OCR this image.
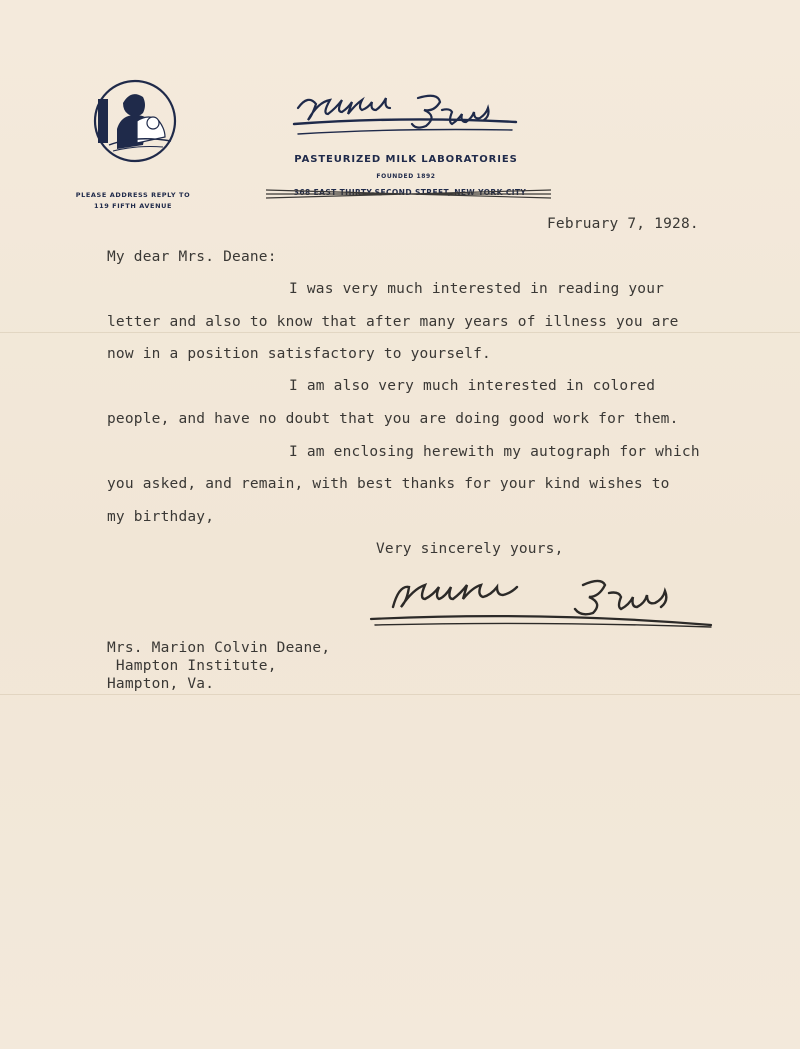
PLEASE ADDRESS REPLY TO
119 FIFTH AVENUE
PASTEURIZED MILK LABORATORIES
FOUNDED 1892
368 EAST THIRTY-SECOND STREET, NEW YORK CITY
February 7, 1928.
My dear Mrs. Deane:
I was very much interested in reading your
letter and also to know that after many years of illness you are
now in a position satisfactory to yourself.
I am also very much interested in colored
people, and have no doubt that you are doing good work for them.
I am enclosing herewith my autograph for which
you asked, and remain, with best thanks for your kind wishes to
my birthday,
Very sincerely yours,
Mrs. Marion Colvin Deane,
Hampton Institute,
Hampton, Va.
